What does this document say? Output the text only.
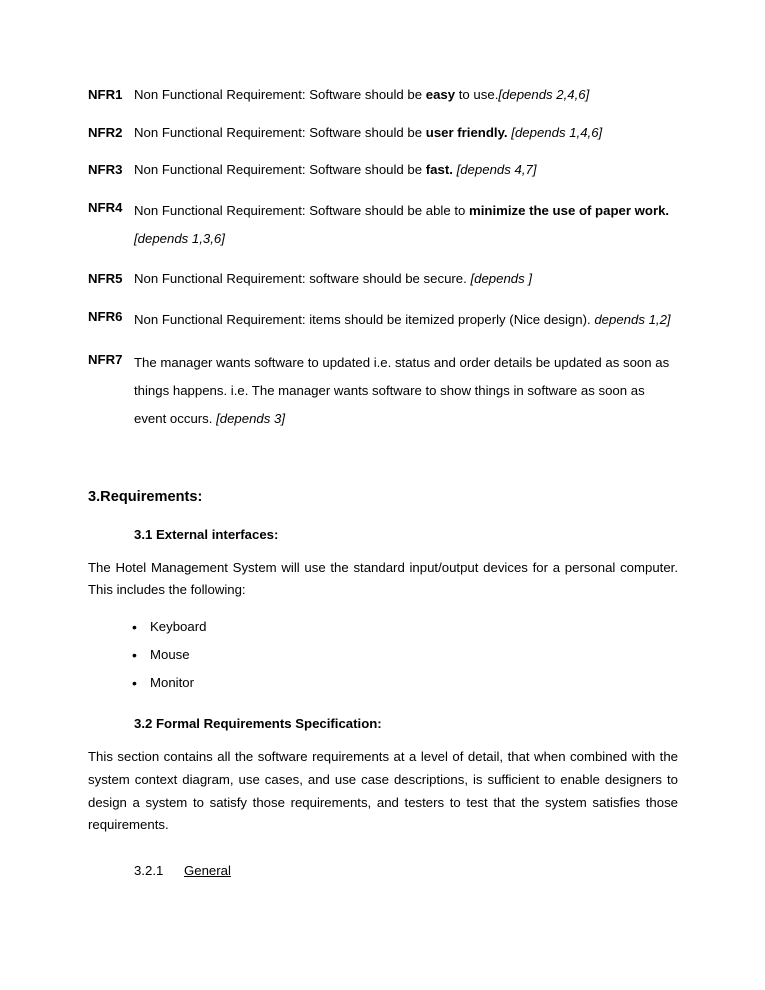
NFR1 Non Functional Requirement: Software should be easy to use.[depends 2,4,6]
NFR2 Non Functional Requirement: Software should be user friendly. [depends 1,4,6]
NFR3 Non Functional Requirement: Software should be fast. [depends 4,7]
NFR4 Non Functional Requirement: Software should be able to minimize the use of paper work. [depends 1,3,6]
NFR5 Non Functional Requirement: software should be secure. [depends ]
NFR6 Non Functional Requirement: items should be itemized properly (Nice design). depends 1,2]
NFR7 The manager wants software to updated i.e. status and order details be updated as soon as things happens. i.e. The manager wants software to show things in software as soon as event occurs. [depends 3]
3.Requirements:
3.1 External interfaces:
The Hotel Management System will use the standard input/output devices for a personal computer. This includes the following:
• Keyboard
• Mouse
• Monitor
3.2 Formal Requirements Specification:
This section contains all the software requirements at a level of detail, that when combined with the system context diagram, use cases, and use case descriptions, is sufficient to enable designers to design a system to satisfy those requirements, and testers to test that the system satisfies those requirements.
3.2.1 General
